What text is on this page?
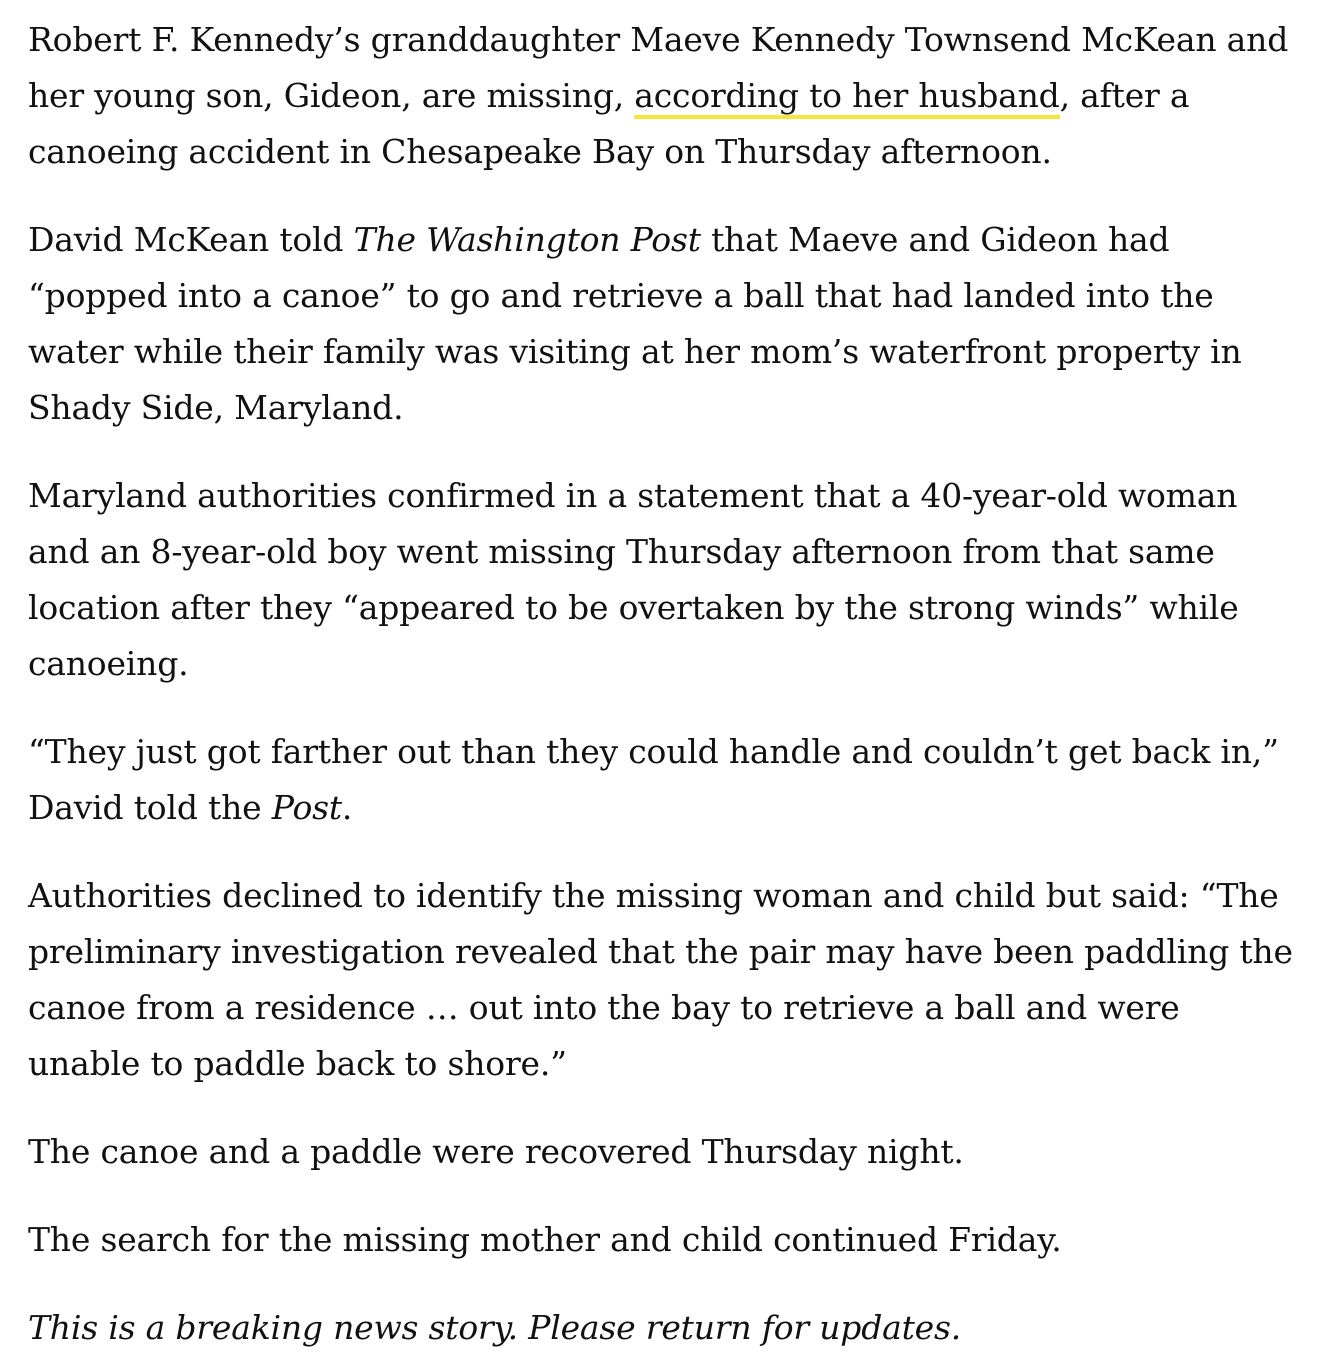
Robert F. Kennedy’s granddaughter Maeve Kennedy Townsend McKean and her young son, Gideon, are missing, according to her husband, after a canoeing accident in Chesapeake Bay on Thursday afternoon.

David McKean told The Washington Post that Maeve and Gideon had “popped into a canoe” to go and retrieve a ball that had landed into the water while their family was visiting at her mom’s waterfront property in Shady Side, Maryland.

Maryland authorities confirmed in a statement that a 40-year-old woman and an 8-year-old boy went missing Thursday afternoon from that same location after they “appeared to be overtaken by the strong winds” while canoeing.

“They just got farther out than they could handle and couldn’t get back in,” David told the Post.

Authorities declined to identify the missing woman and child but said: “The preliminary investigation revealed that the pair may have been paddling the canoe from a residence … out into the bay to retrieve a ball and were unable to paddle back to shore.”

The canoe and a paddle were recovered Thursday night.

The search for the missing mother and child continued Friday.

This is a breaking news story. Please return for updates.
